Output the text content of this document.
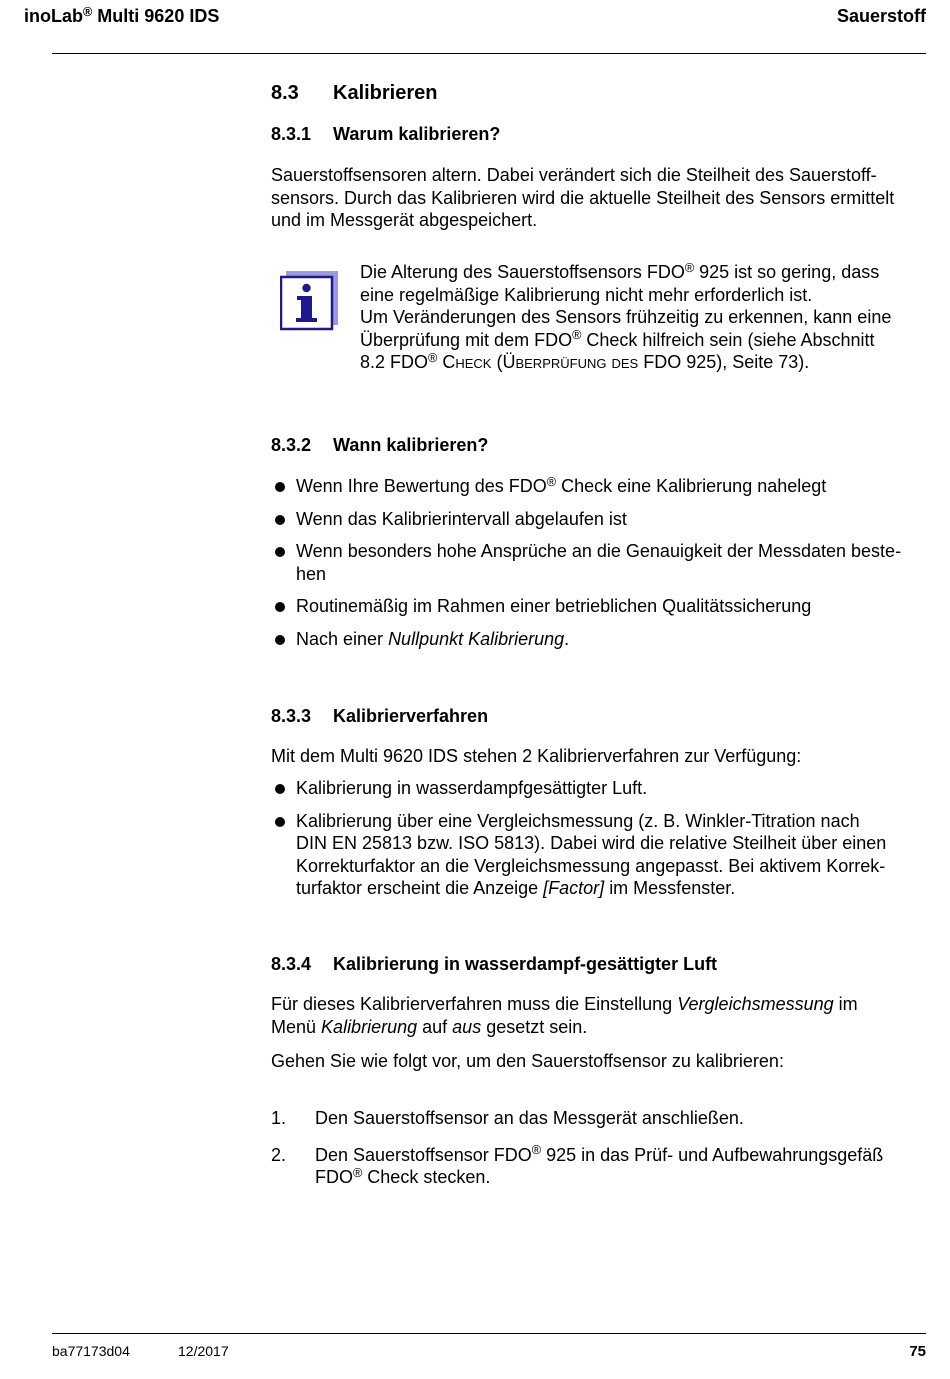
inoLab® Multi 9620 IDS	Sauerstoff
8.3 Kalibrieren
8.3.1 Warum kalibrieren?
Sauerstoffsensoren altern. Dabei verändert sich die Steilheit des Sauerstoff-
sensors. Durch das Kalibrieren wird die aktuelle Steilheit des Sensors ermittelt
und im Messgerät abgespeichert.
Die Alterung des Sauerstoffsensors FDO® 925 ist so gering, dass
eine regelmäßige Kalibrierung nicht mehr erforderlich ist.
Um Veränderungen des Sensors frühzeitig zu erkennen, kann eine
Überprüfung mit dem FDO® Check hilfreich sein (siehe Abschnitt
8.2 FDO® Check (Überprüfung des FDO 925), Seite 73).
8.3.2 Wann kalibrieren?
Wenn Ihre Bewertung des FDO® Check eine Kalibrierung nahelegt
Wenn das Kalibrierintervall abgelaufen ist
Wenn besonders hohe Ansprüche an die Genauigkeit der Messdaten beste-
hen
Routinemäßig im Rahmen einer betrieblichen Qualitätssicherung
Nach einer Nullpunkt Kalibrierung.
8.3.3 Kalibrierverfahren
Mit dem Multi 9620 IDS stehen 2 Kalibrierverfahren zur Verfügung:
Kalibrierung in wasserdampfgesättigter Luft.
Kalibrierung über eine Vergleichsmessung (z. B. Winkler-Titration nach
DIN EN 25813 bzw. ISO 5813). Dabei wird die relative Steilheit über einen
Korrekturfaktor an die Vergleichsmessung angepasst. Bei aktivem Korrek-
turfaktor erscheint die Anzeige [Factor] im Messfenster.
8.3.4 Kalibrierung in wasserdampf-gesättigter Luft
Für dieses Kalibrierverfahren muss die Einstellung Vergleichsmessung im
Menü Kalibrierung auf aus gesetzt sein.
Gehen Sie wie folgt vor, um den Sauerstoffsensor zu kalibrieren:
1. Den Sauerstoffsensor an das Messgerät anschließen.
2. Den Sauerstoffsensor FDO® 925 in das Prüf- und Aufbewahrungsgefäß
FDO® Check stecken.
ba77173d04	12/2017	75
